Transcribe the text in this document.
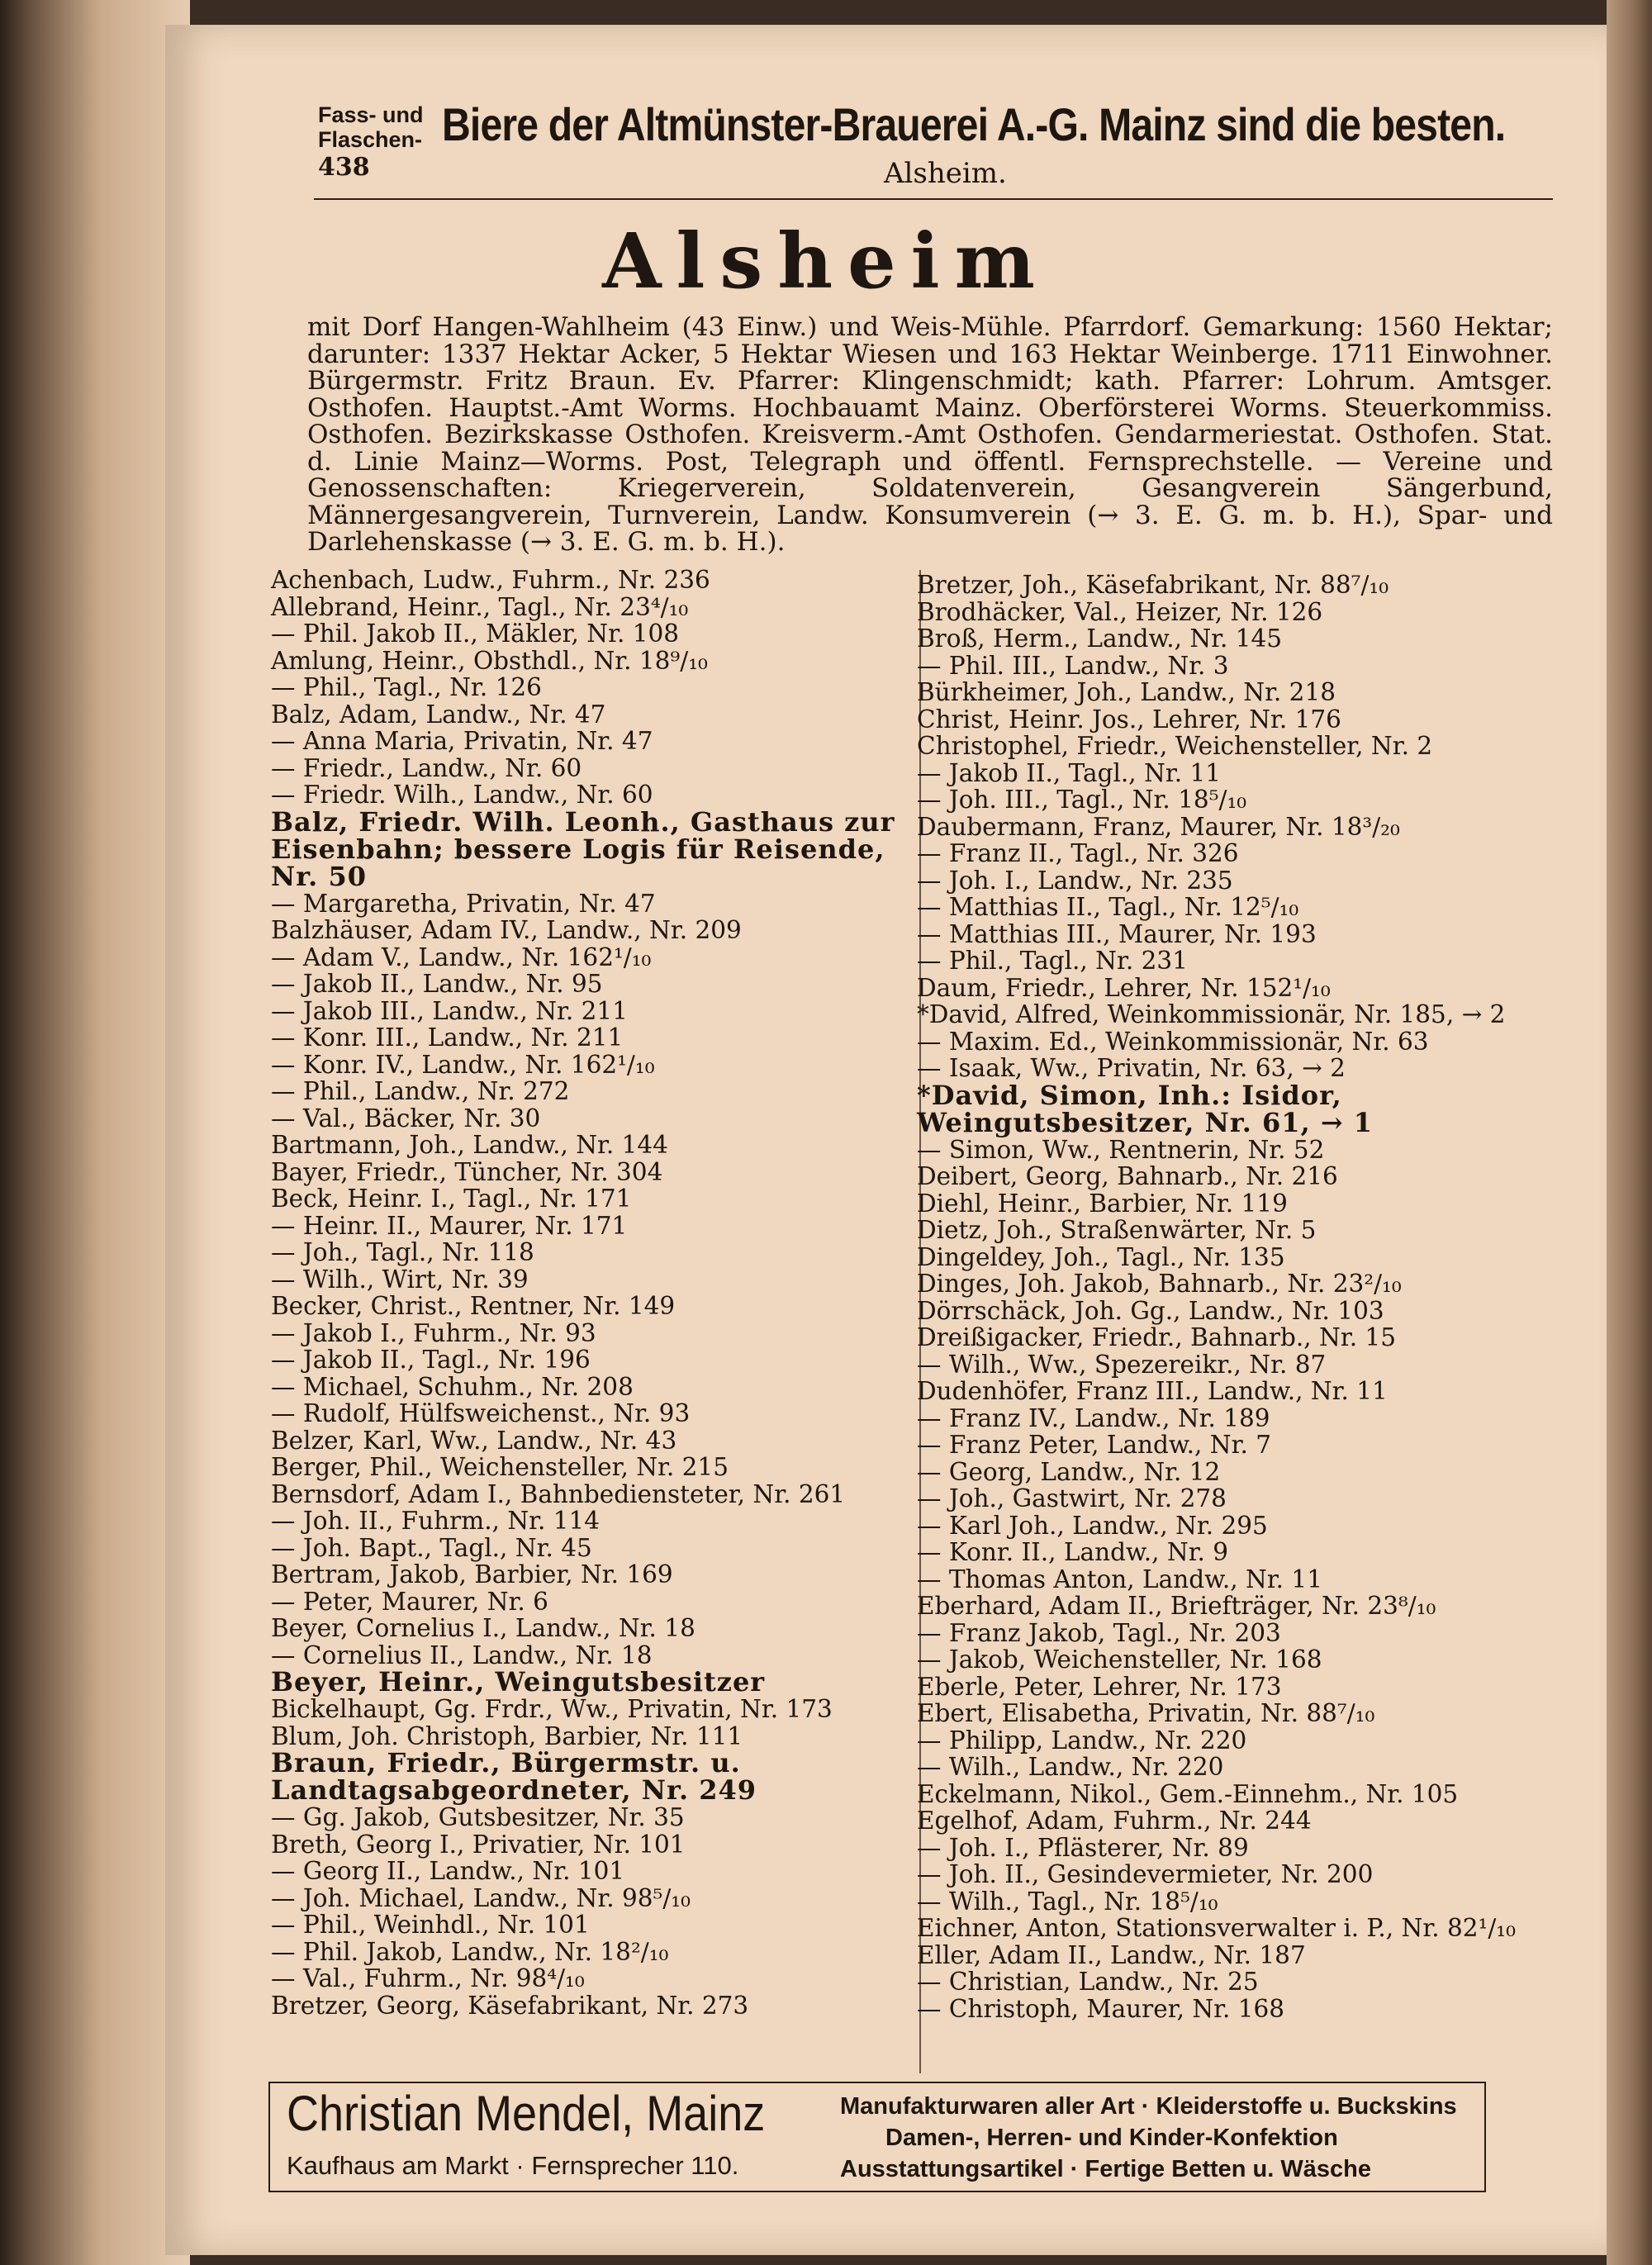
Fass- und Flaschen- Biere der Altmünster-Brauerei A.-G. Mainz sind die besten.
438	Alsheim.
Alsheim
mit Dorf Hangen-Wahlheim (43 Einw.) und Weis-Mühle. Pfarrdorf. Gemarkung: 1560 Hektar; darunter: 1337 Hektar Acker, 5 Hektar Wiesen und 163 Hektar Weinberge. 1711 Einwohner. Bürgermstr. Fritz Braun. Ev. Pfarrer: Klingenschmidt; kath. Pfarrer: Lohrum. Amtsger. Osthofen. Hauptst.-Amt Worms. Hochbauamt Mainz. Oberförsterei Worms. Steuerkommiss. Osthofen. Bezirkskasse Osthofen. Kreisverm.-Amt Osthofen. Gendarmeriestat. Osthofen. Stat. d. Linie Mainz—Worms. Post, Telegraph und öffentl. Fernsprechstelle. — Vereine und Genossenschaften: Kriegerverein, Soldatenverein, Gesangverein Sängerbund, Männergesangverein, Turnverein, Landw. Konsumverein (→ 3. E. G. m. b. H.), Spar- und Darlehenskasse (→ 3. E. G. m. b. H.).
Achenbach, Ludw., Fuhrm., Nr. 236
Allebrand, Heinr., Tagl., Nr. 23⁴/₁₀
— Phil. Jakob II., Mäkler, Nr. 108
Amlung, Heinr., Obsthdl., Nr. 18⁹/₁₀
— Phil., Tagl., Nr. 126
Balz, Adam, Landw., Nr. 47
— Anna Maria, Privatin, Nr. 47
— Friedr., Landw., Nr. 60
— Friedr. Wilh., Landw., Nr. 60
Balz, Friedr. Wilh. Leonh., Gasthaus zur Eisenbahn; bessere Logis für Reisende, Nr. 50
— Margaretha, Privatin, Nr. 47
Balzhäuser, Adam IV., Landw., Nr. 209
— Adam V., Landw., Nr. 162¹/₁₀
— Jakob II., Landw., Nr. 95
— Jakob III., Landw., Nr. 211
— Konr. III., Landw., Nr. 211
— Konr. IV., Landw., Nr. 162¹/₁₀
— Phil., Landw., Nr. 272
— Val., Bäcker, Nr. 30
Bartmann, Joh., Landw., Nr. 144
Bayer, Friedr., Tüncher, Nr. 304
Beck, Heinr. I., Tagl., Nr. 171
— Heinr. II., Maurer, Nr. 171
— Joh., Tagl., Nr. 118
— Wilh., Wirt, Nr. 39
Becker, Christ., Rentner, Nr. 149
— Jakob I., Fuhrm., Nr. 93
— Jakob II., Tagl., Nr. 196
— Michael, Schuhm., Nr. 208
— Rudolf, Hülfsweichenst., Nr. 93
Belzer, Karl, Ww., Landw., Nr. 43
Berger, Phil., Weichensteller, Nr. 215
Bernsdorf, Adam I., Bahnbediensteter, Nr. 261
— Joh. II., Fuhrm., Nr. 114
— Joh. Bapt., Tagl., Nr. 45
Bertram, Jakob, Barbier, Nr. 169
— Peter, Maurer, Nr. 6
Beyer, Cornelius I., Landw., Nr. 18
— Cornelius II., Landw., Nr. 18
Beyer, Heinr., Weingutsbesitzer
Bickelhaupt, Gg. Frdr., Ww., Privatin, Nr. 173
Blum, Joh. Christoph, Barbier, Nr. 111
Braun, Friedr., Bürgermstr. u. Landtagsabgeordneter, Nr. 249
— Gg. Jakob, Gutsbesitzer, Nr. 35
Breth, Georg I., Privatier, Nr. 101
— Georg II., Landw., Nr. 101
— Joh. Michael, Landw., Nr. 98⁵/₁₀
— Phil., Weinhdl., Nr. 101
— Phil. Jakob, Landw., Nr. 18²/₁₀
— Val., Fuhrm., Nr. 98⁴/₁₀
Bretzer, Georg, Käsefabrikant, Nr. 273
Bretzer, Joh., Käsefabrikant, Nr. 88⁷/₁₀
Brodhäcker, Val., Heizer, Nr. 126
Broß, Herm., Landw., Nr. 145
— Phil. III., Landw., Nr. 3
Bürkheimer, Joh., Landw., Nr. 218
Christ, Heinr. Jos., Lehrer, Nr. 176
Christophel, Friedr., Weichensteller, Nr. 2
— Jakob II., Tagl., Nr. 11
— Joh. III., Tagl., Nr. 18⁵/₁₀
Daubermann, Franz, Maurer, Nr. 18³/₂₀
— Franz II., Tagl., Nr. 326
— Joh. I., Landw., Nr. 235
— Matthias II., Tagl., Nr. 12⁵/₁₀
— Matthias III., Maurer, Nr. 193
— Phil., Tagl., Nr. 231
Daum, Friedr., Lehrer, Nr. 152¹/₁₀
*David, Alfred, Weinkommissionär, Nr. 185, → 2
— Maxim. Ed., Weinkommissionär, Nr. 63
— Isaak, Ww., Privatin, Nr. 63, → 2
*David, Simon, Inh.: Isidor, Weingutsbesitzer, Nr. 61, → 1
— Simon, Ww., Rentnerin, Nr. 52
Deibert, Georg, Bahnarb., Nr. 216
Diehl, Heinr., Barbier, Nr. 119
Dietz, Joh., Straßenwärter, Nr. 5
Dingeldey, Joh., Tagl., Nr. 135
Dinges, Joh. Jakob, Bahnarb., Nr. 23²/₁₀
Dörrschäck, Joh. Gg., Landw., Nr. 103
Dreißigacker, Friedr., Bahnarb., Nr. 15
— Wilh., Ww., Spezereikr., Nr. 87
Dudenhöfer, Franz III., Landw., Nr. 11
— Franz IV., Landw., Nr. 189
— Franz Peter, Landw., Nr. 7
— Georg, Landw., Nr. 12
— Joh., Gastwirt, Nr. 278
— Karl Joh., Landw., Nr. 295
— Konr. II., Landw., Nr. 9
— Thomas Anton, Landw., Nr. 11
Eberhard, Adam II., Briefträger, Nr. 23⁸/₁₀
— Franz Jakob, Tagl., Nr. 203
— Jakob, Weichensteller, Nr. 168
Eberle, Peter, Lehrer, Nr. 173
Ebert, Elisabetha, Privatin, Nr. 88⁷/₁₀
— Philipp, Landw., Nr. 220
— Wilh., Landw., Nr. 220
Eckelmann, Nikol., Gem.-Einnehm., Nr. 105
Egelhof, Adam, Fuhrm., Nr. 244
— Joh. I., Pflästerer, Nr. 89
— Joh. II., Gesindevermieter, Nr. 200
— Wilh., Tagl., Nr. 18⁵/₁₀
Eichner, Anton, Stationsverwalter i. P., Nr. 82¹/₁₀
Eller, Adam II., Landw., Nr. 187
— Christian, Landw., Nr. 25
— Christoph, Maurer, Nr. 168
Christian Mendel, Mainz
Kaufhaus am Markt · Fernsprecher 110.
Manufakturwaren aller Art · Kleiderstoffe u. Buckskins
Damen-, Herren- und Kinder-Konfektion
Ausstattungsartikel · Fertige Betten u. Wäsche
